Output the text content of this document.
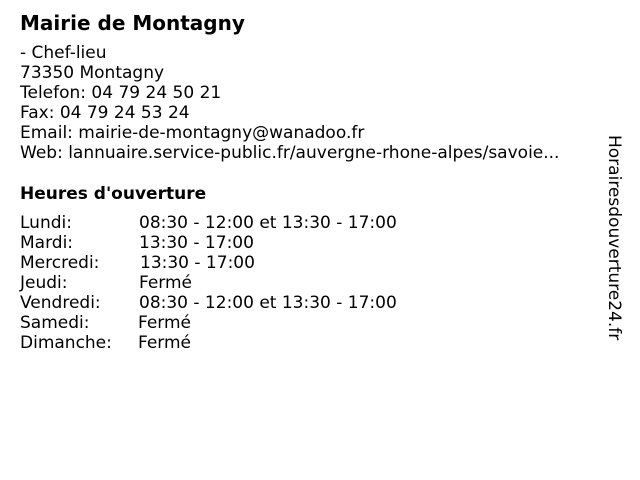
Mairie de Montagny
- Chef-lieu
73350 Montagny
Telefon: 04 79 24 50 21
Fax: 04 79 24 53 24
Email: mairie-de-montagny@wanadoo.fr
Web: lannuaire.service-public.fr/auvergne-rhone-alpes/savoie...
Heures d'ouverture
Lundi:	08:30 - 12:00 et 13:30 - 17:00
Mardi:	13:30 - 17:00
Mercredi: 13:30 - 17:00
Jeudi:	Fermé
Vendredi: 08:30 - 12:00 et 13:30 - 17:00
Samedi:	Fermé
Dimanche: Fermé
Horairesdouverture24.fr
